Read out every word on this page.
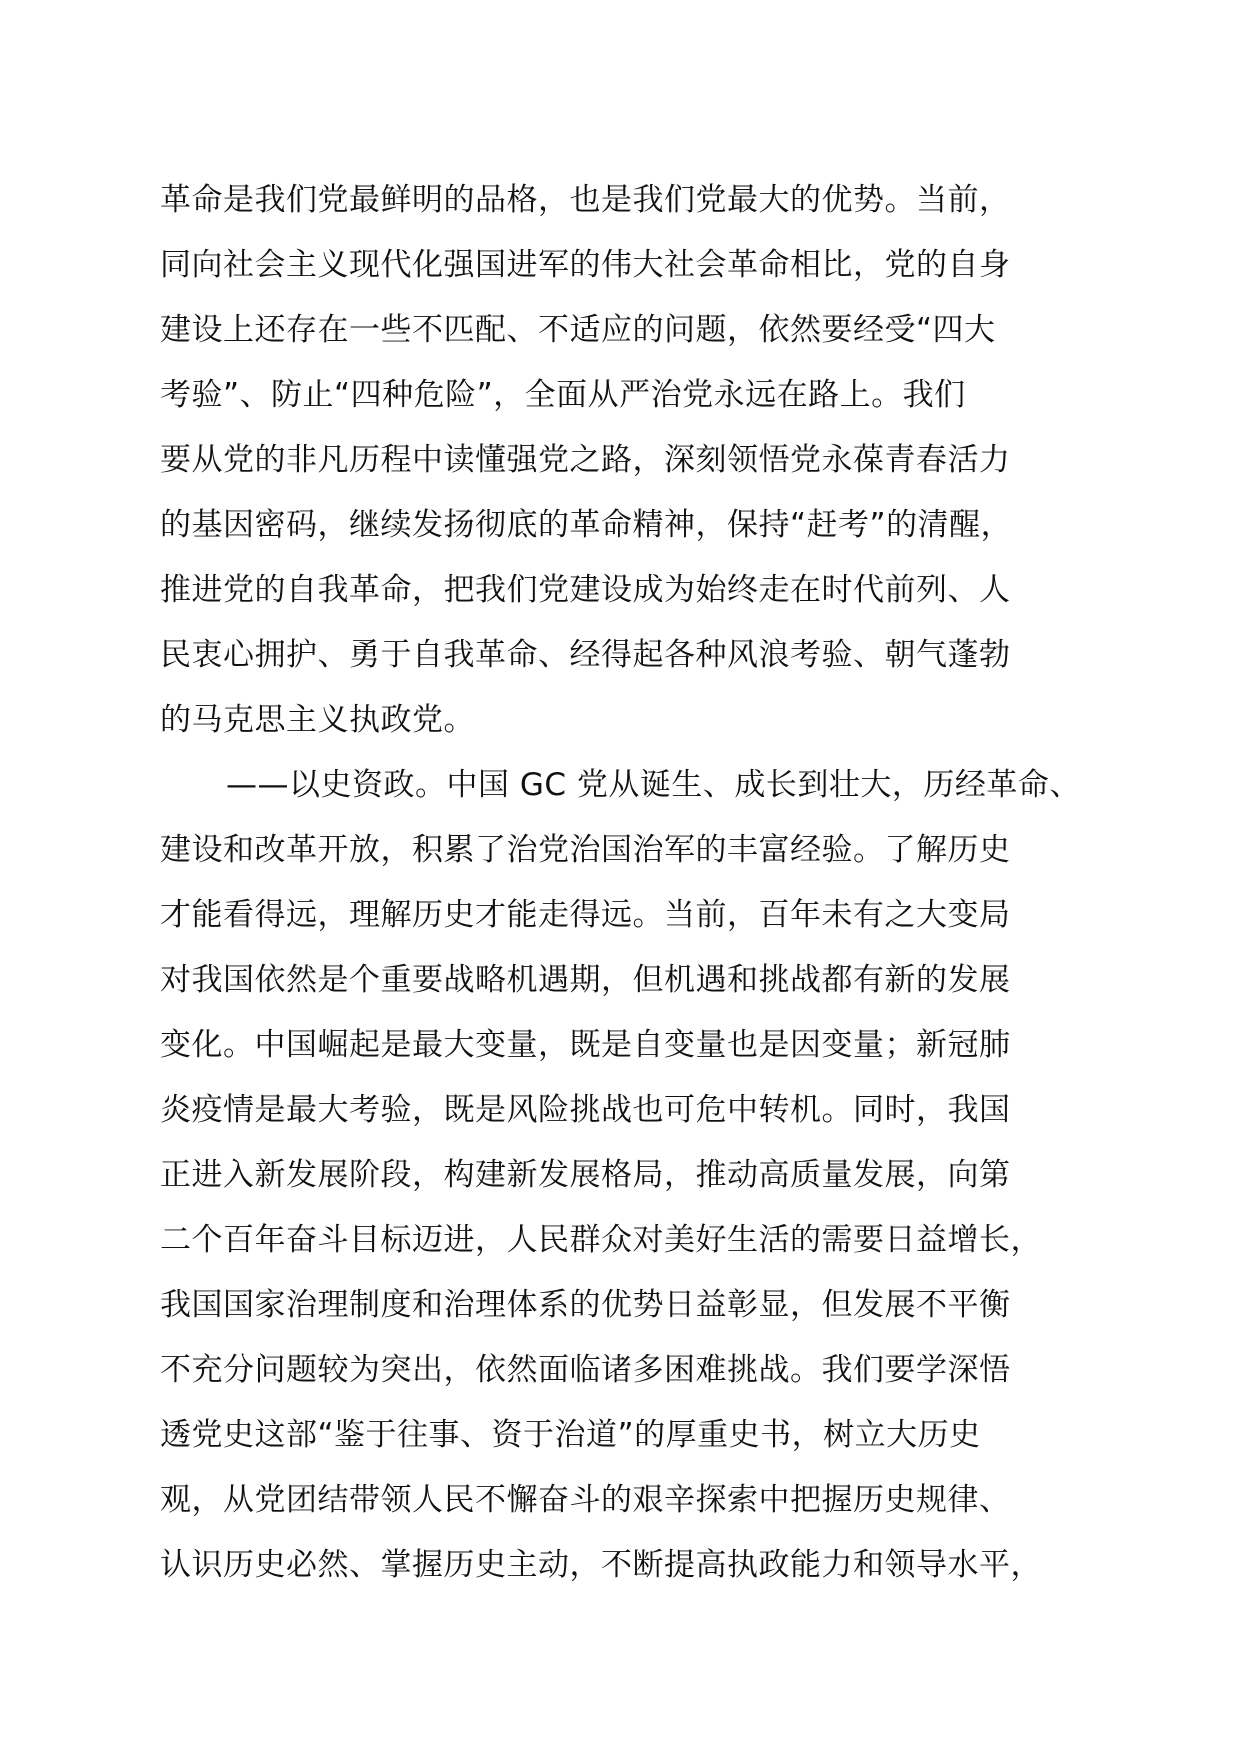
革命是我们党最鲜明的品格，也是我们党最大的优势。当前，
同向社会主义现代化强国进军的伟大社会革命相比，党的自身
建设上还存在一些不匹配、不适应的问题，依然要经受“四大
考验”、防止“四种危险”，全面从严治党永远在路上。我们
要从党的非凡历程中读懂强党之路，深刻领悟党永葆青春活力
的基因密码，继续发扬彻底的革命精神，保持“赶考”的清醒，
推进党的自我革命，把我们党建设成为始终走在时代前列、人
民衷心拥护、勇于自我革命、经得起各种风浪考验、朝气蓬勃
的马克思主义执政党。
——以史资政。中国 GC 党从诞生、成长到壮大，历经革命、
建设和改革开放，积累了治党治国治军的丰富经验。了解历史
才能看得远，理解历史才能走得远。当前，百年未有之大变局
对我国依然是个重要战略机遇期，但机遇和挑战都有新的发展
变化。中国崛起是最大变量，既是自变量也是因变量；新冠肺
炎疫情是最大考验，既是风险挑战也可危中转机。同时，我国
正进入新发展阶段，构建新发展格局，推动高质量发展，向第
二个百年奋斗目标迈进，人民群众对美好生活的需要日益增长，
我国国家治理制度和治理体系的优势日益彰显，但发展不平衡
不充分问题较为突出，依然面临诸多困难挑战。我们要学深悟
透党史这部“鉴于往事、资于治道”的厚重史书，树立大历史
观，从党团结带领人民不懈奋斗的艰辛探索中把握历史规律、
认识历史必然、掌握历史主动，不断提高执政能力和领导水平，
